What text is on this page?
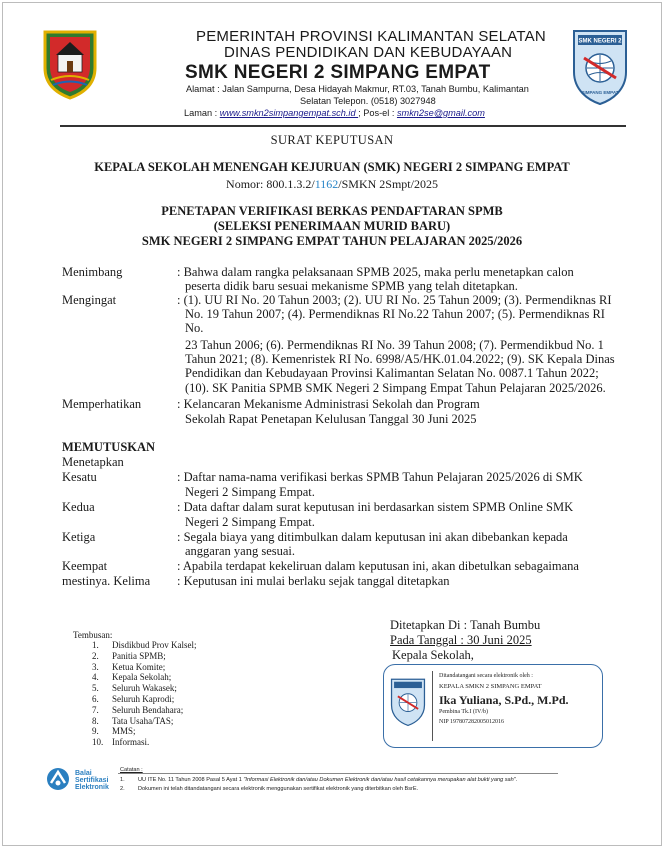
SMK NEGERI 2
SIMPANG EMPAT
PEMERINTAH PROVINSI KALIMANTAN SELATAN
DINAS PENDIDIKAN DAN KEBUDAYAAN
SMK NEGERI 2 SIMPANG EMPAT
Alamat : Jalan Sampurna, Desa Hidayah Makmur, RT.03, Tanah Bumbu, Kalimantan
Selatan Telepon. (0518) 3027948
Laman : www.smkn2simpangempat.sch.id ; Pos-el : smkn2se@gmail.com
SURAT KEPUTUSAN
KEPALA SEKOLAH MENENGAH KEJURUAN (SMK) NEGERI 2 SIMPANG EMPAT
Nomor: 800.1.3.2/1162/SMKN 2Smpt/2025
PENETAPAN VERIFIKASI BERKAS PENDAFTARAN SPMB
(SELEKSI PENERIMAAN MURID BARU)
SMK NEGERI 2 SIMPANG EMPAT TAHUN PELAJARAN 2025/2026
Menimbang	: Bahwa dalam rangka pelaksanaan SPMB 2025, maka perlu menetapkan calon
peserta didik baru sesuai mekanisme SPMB yang telah ditetapkan.
Mengingat	: (1). UU RI No. 20 Tahun 2003; (2). UU RI No. 25 Tahun 2009; (3). Permendiknas RI
No. 19 Tahun 2007; (4). Permendiknas RI No.22 Tahun 2007; (5). Permendiknas RI
No.
23 Tahun 2006; (6). Permendiknas RI No. 39 Tahun 2008; (7). Permendikbud No. 1
Tahun 2021; (8). Kemenristek RI No. 6998/A5/HK.01.04.2022; (9). SK Kepala Dinas
Pendidikan dan Kebudayaan Provinsi Kalimantan Selatan No. 0087.1 Tahun 2022;
(10). SK Panitia SPMB SMK Negeri 2 Simpang Empat Tahun Pelajaran 2025/2026.
Memperhatikan	: Kelancaran Mekanisme Administrasi Sekolah dan Program
Sekolah Rapat Penetapan Kelulusan Tanggal 30 Juni 2025
MEMUTUSKAN
Menetapkan
Kesatu	: Daftar nama-nama verifikasi berkas SPMB Tahun Pelajaran 2025/2026 di SMK
Negeri 2 Simpang Empat.
Kedua	: Data daftar dalam surat keputusan ini berdasarkan sistem SPMB Online SMK
Negeri 2 Simpang Empat.
Ketiga	: Segala biaya yang ditimbulkan dalam keputusan ini akan dibebankan kepada
anggaran yang sesuai.
Keempat	: Apabila terdapat kekeliruan dalam keputusan ini, akan dibetulkan sebagaimana
mestinya. Kelima : Keputusan ini mulai berlaku sejak tanggal ditetapkan
Tembusan:
1. Disdikbud Prov Kalsel;
2. Panitia SPMB;
3. Ketua Komite;
4. Kepala Sekolah;
5. Seluruh Wakasek;
6. Seluruh Kaprodi;
7. Seluruh Bendahara;
8. Tata Usaha/TAS;
9. MMS;
10. Informasi.
Ditetapkan Di : Tanah Bumbu
Pada Tanggal : 30 Juni 2025
Kepala Sekolah,
Ditandatangani secara elektronik oleh :
KEPALA SMKN 2 SIMPANG EMPAT
Ika Yuliana, S.Pd., M.Pd.
Pembina Tk.I (IV/b)
NIP 197807282005012016
Balai
Sertifikasi
Elektronik
Catatan :
1. UU ITE No. 11 Tahun 2008 Pasal 5 Ayat 1 "Informasi Elektronik dan/atau Dokumen Elektronik dan/atau hasil cetakannya merupakan alat bukti yang sah".
2. Dokumen ini telah ditandatangani secara elektronik menggunakan sertifikat elektronik yang diterbitkan oleh BsrE.
